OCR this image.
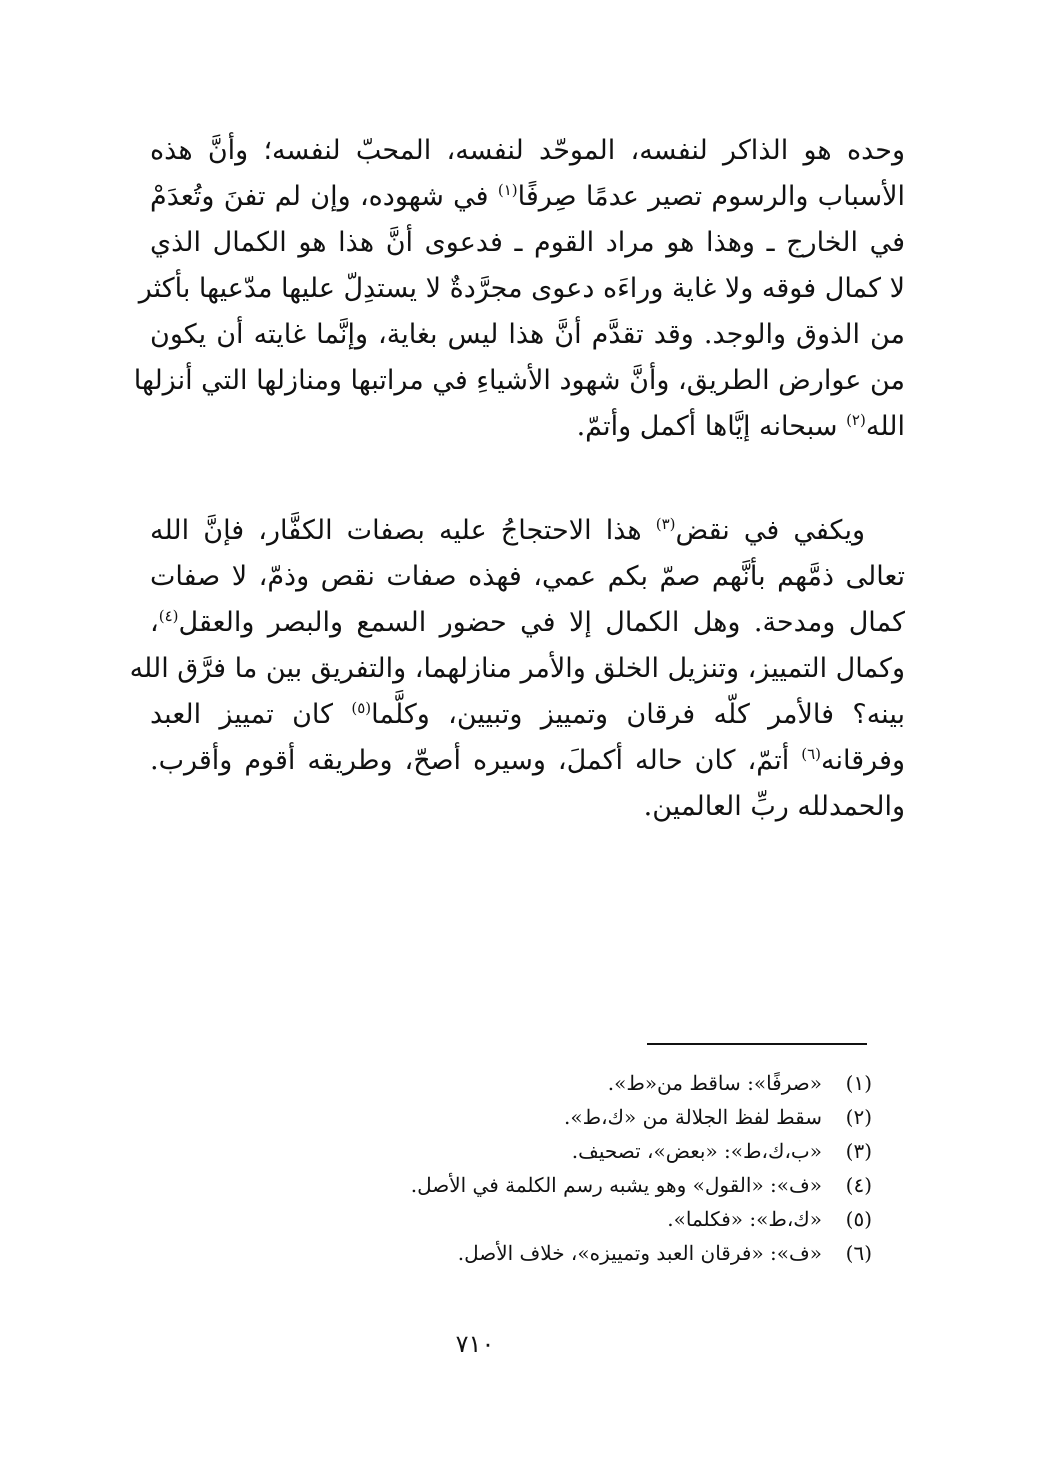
وحده هو الذاكر لنفسه، الموحّد لنفسه، المحبّ لنفسه؛ وأنَّ هذه
الأسباب والرسوم تصير عدمًا صِرفًا$^{(١)}$ في شهوده، وإن لم تفنَ وتُعدَمْ
في الخارج ـ وهذا هو مراد القوم ـ فدعوى أنَّ هذا هو الكمال الذي
لا كمال فوقه ولا غاية وراءَه دعوى مجرَّدةٌ لا يستدِلّ عليها مدّعيها بأكثر
من الذوق والوجد. وقد تقدَّم أنَّ هذا ليس بغاية، وإنَّما غايته أن يكون
من عوارض الطريق، وأنَّ شهود الأشياءِ في مراتبها ومنازلها التي أنزلها
الله$^{(٢)}$ سبحانه إيَّاها أكمل وأتمّ.
ويكفي في نقض$^{(٣)}$ هذا الاحتجاجُ عليه بصفات الكفَّار، فإنَّ الله
تعالى ذمَّهم بأنَّهم صمّ بكم عمي، فهذه صفات نقص وذمّ، لا صفات
كمال ومدحة. وهل الكمال إلا في حضور السمع والبصر والعقل$^{(٤)}$،
وكمال التمييز، وتنزيل الخلق والأمر منازلهما، والتفريق بين ما فرَّق الله
بينه؟ فالأمر كلّه فرقان وتمييز وتبيين، وكلَّما$^{(٥)}$ كان تمييز العبد
وفرقانه$^{(٦)}$ أتمّ، كان حاله أكملَ، وسيره أصحّ، وطريقه أقوم وأقرب.
والحمدلله ربِّ العالمين.
(١)
«صرفًا»: ساقط من«ط».
(٢)
سقط لفظ الجلالة من «ك،ط».
(٣)
«ب،ك،ط»: «بعض»، تصحيف.
(٤)
«ف»: «القول» وهو يشبه رسم الكلمة في الأصل.
(٥)
«ك،ط»: «فكلما».
(٦)
«ف»: «فرقان العبد وتمييزه»، خلاف الأصل.
٧١٠
